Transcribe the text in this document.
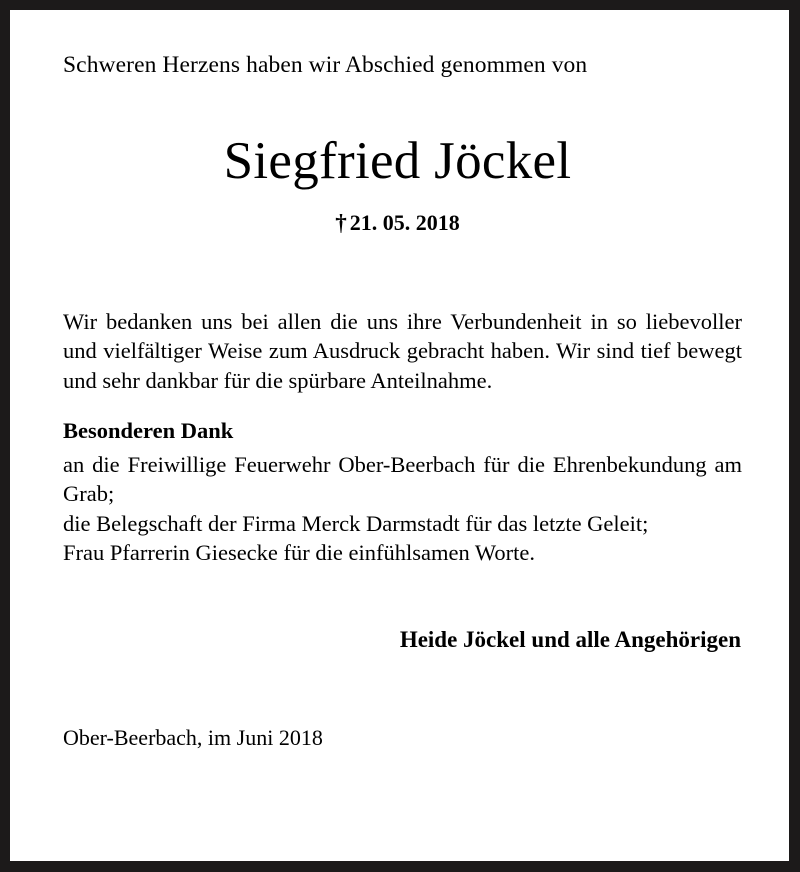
Schweren Herzens haben wir Abschied genommen von
Siegfried Jöckel
† 21. 05. 2018
Wir bedanken uns bei allen die uns ihre Verbundenheit in so liebevoller und vielfältiger Weise zum Ausdruck gebracht haben. Wir sind tief bewegt und sehr dankbar für die spürbare Anteilnahme.
Besonderen Dank
an die Freiwillige Feuerwehr Ober-Beerbach für die Ehrenbekundung am Grab;
die Belegschaft der Firma Merck Darmstadt für das letzte Geleit;
Frau Pfarrerin Giesecke für die einfühlsamen Worte.
Heide Jöckel und alle Angehörigen
Ober-Beerbach, im Juni 2018
